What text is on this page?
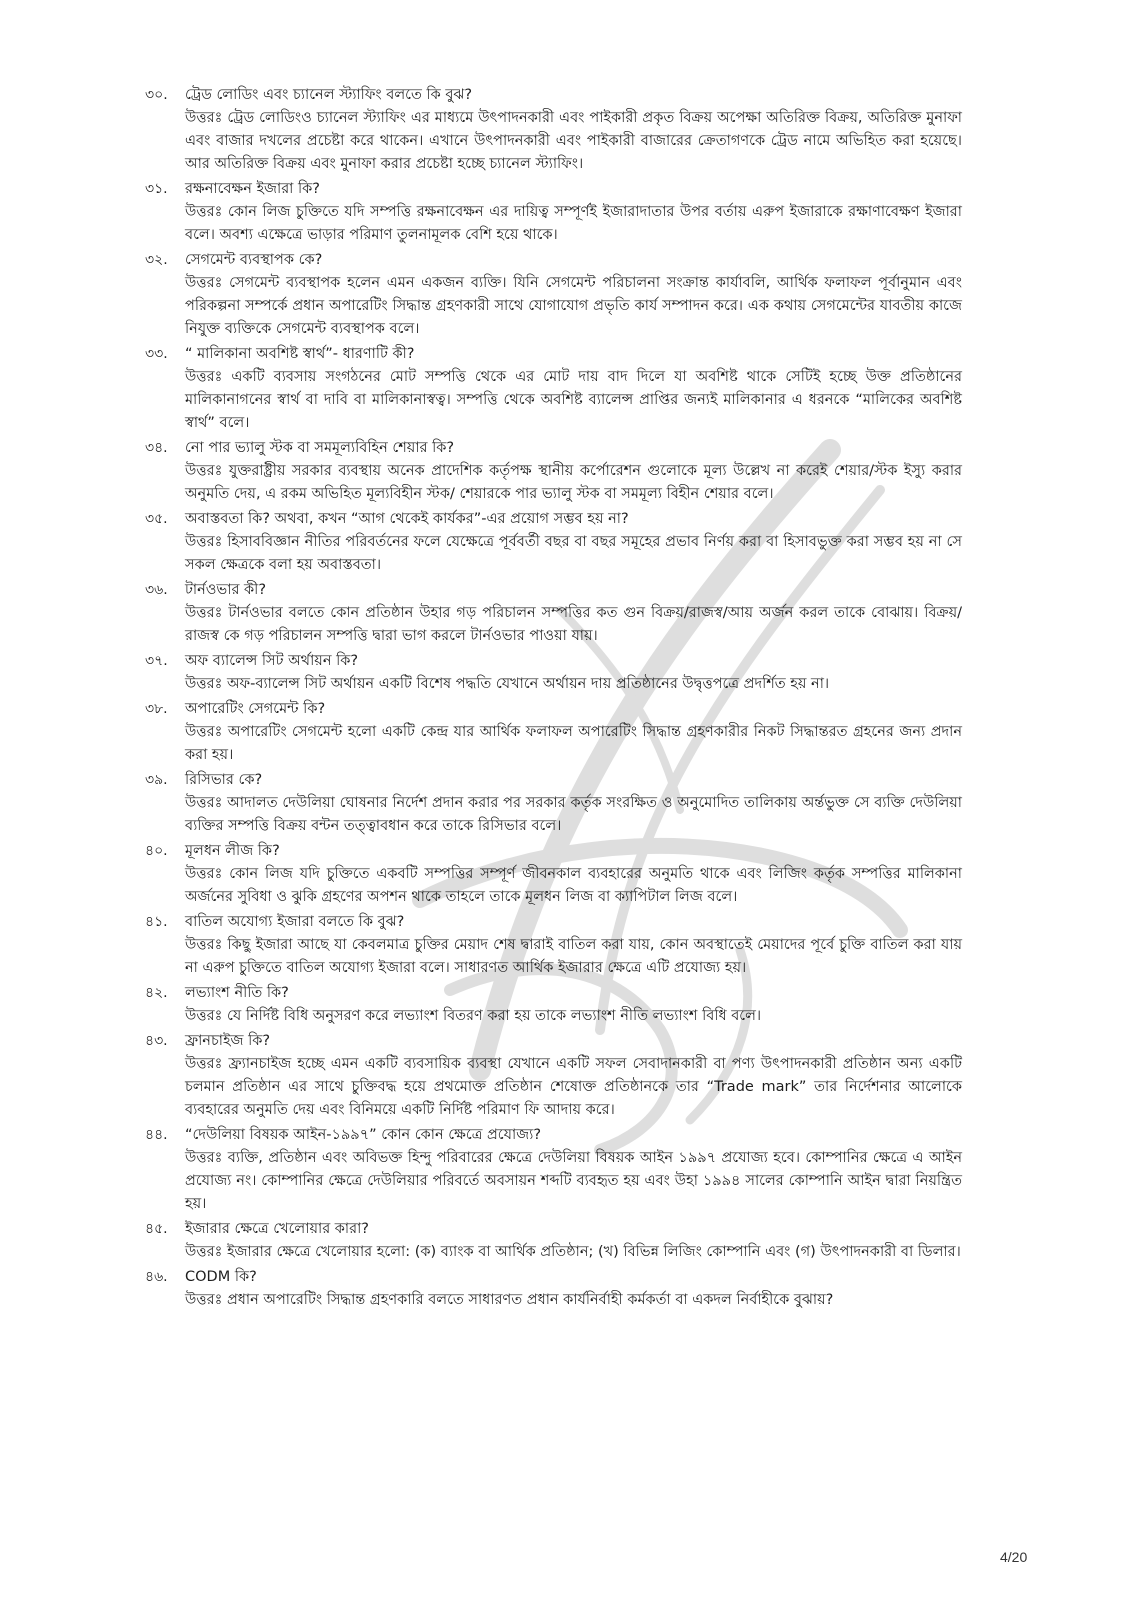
৩০. ট্রেড লোডিং এবং চ্যানেল স্ট্যাফিং বলতে কি বুঝ?
উত্তরঃ ট্রেড লোডিংও চ্যানেল স্ট্যাফিং এর মাধ্যমে উৎপাদনকারী এবং পাইকারী প্রকৃত বিক্রয় অপেক্ষা অতিরিক্ত বিক্রয়, অতিরিক্ত মুনাফা এবং বাজার দখলের প্রচেষ্টা করে থাকেন। এখানে উৎপাদনকারী এবং পাইকারী বাজারের ক্রেতাগণকে ট্রেড নামে অভিহিত করা হয়েছে। আর অতিরিক্ত বিক্রয় এবং মুনাফা করার প্রচেষ্টা হচ্ছে চ্যানেল স্ট্যাফিং।
৩১. রক্ষনাবেক্ষন ইজারা কি?
উত্তরঃ কোন লিজ চুক্তিতে যদি সম্পত্তি রক্ষনাবেক্ষন এর দায়িত্ব সম্পূর্ণই ইজারাদাতার উপর বর্তায় এরুপ ইজারাকে রক্ষাণাবেক্ষণ ইজারা বলে। অবশ্য এক্ষেত্রে ভাড়ার পরিমাণ তুলনামূলক বেশি হয়ে থাকে।
৩২. সেগমেন্ট ব্যবস্থাপক কে?
উত্তরঃ সেগমেন্ট ব্যবস্থাপক হলেন এমন একজন ব্যক্তি। যিনি সেগমেন্ট পরিচালনা সংক্রান্ত কার্যাবলি, আর্থিক ফলাফল পূর্বানুমান এবং পরিকল্পনা সম্পর্কে প্রধান অপারেটিং সিদ্ধান্ত গ্রহণকারী সাথে যোগাযোগ প্রভৃতি কার্য সম্পাদন করে। এক কথায় সেগমেন্টের যাবতীয় কাজে নিযুক্ত ব্যক্তিকে সেগমেন্ট ব্যবস্থাপক বলে।
৩৩. “ মালিকানা অবশিষ্ট স্বার্থ”- ধারণাটি কী?
উত্তরঃ একটি ব্যবসায় সংগঠনের মোট সম্পত্তি থেকে এর মোট দায় বাদ দিলে যা অবশিষ্ট থাকে সেটিই হচ্ছে উক্ত প্রতিষ্ঠানের মালিকানাগনের স্বার্থ বা দাবি বা মালিকানাস্বত্ব। সম্পত্তি থেকে অবশিষ্ট ব্যালেন্স প্রাপ্তির জন্যই মালিকানার এ ধরনকে “মালিকের অবশিষ্ট স্বার্থ” বলে।
৩৪. নো পার ভ্যালু স্টক বা সমমূল্যবিহিন শেয়ার কি?
উত্তরঃ যুক্তরাষ্ট্রীয় সরকার ব্যবস্থায় অনেক প্রাদেশিক কর্তৃপক্ষ স্থানীয় কর্পোরেশন গুলোকে মূল্য উল্লেখ না করেই শেয়ার/স্টক ইস্যু করার অনুমতি দেয়, এ রকম অভিহিত মূল্যবিহীন স্টক/ শেয়ারকে পার ভ্যালু স্টক বা সমমূল্য বিহীন শেয়ার বলে।
৩৫. অবাস্তবতা কি? অথবা, কখন “আগ থেকেই কার্যকর”-এর প্রয়োগ সম্ভব হয় না?
উত্তরঃ হিসাববিজ্ঞান নীতির পরিবর্তনের ফলে যেক্ষেত্রে পূর্ববর্তী বছর বা বছর সমূহের প্রভাব নির্ণয় করা বা হিসাবভুক্ত করা সম্ভব হয় না সে সকল ক্ষেত্রকে বলা হয় অবাস্তবতা।
৩৬. টার্নওভার কী?
উত্তরঃ টার্নওভার বলতে কোন প্রতিষ্ঠান উহার গড় পরিচালন সম্পত্তির কত গুন বিক্রয়/রাজস্ব/আয় অর্জন করল তাকে বোঝায়। বিক্রয়/রাজস্ব কে গড় পরিচালন সম্পত্তি দ্বারা ভাগ করলে টার্নওভার পাওয়া যায়।
৩৭. অফ ব্যালেন্স সিট অর্থায়ন কি?
উত্তরঃ অফ-ব্যালেন্স সিট অর্থায়ন একটি বিশেষ পদ্ধতি যেখানে অর্থায়ন দায় প্রতিষ্ঠানের উদ্বৃত্তপত্রে প্রদর্শিত হয় না।
৩৮. অপারেটিং সেগমেন্ট কি?
উত্তরঃ অপারেটিং সেগমেন্ট হলো একটি কেন্দ্র যার আর্থিক ফলাফল অপারেটিং সিদ্ধান্ত গ্রহণকারীর নিকট সিদ্ধান্তরত গ্রহনের জন্য প্রদান করা হয়।
৩৯. রিসিভার কে?
উত্তরঃ আদালত দেউলিয়া ঘোষনার নির্দেশ প্রদান করার পর সরকার কর্তৃক সংরক্ষিত ও অনুমোদিত তালিকায় অর্ন্তভুক্ত সে ব্যক্তি দেউলিয়া ব্যক্তির সম্পত্তি বিক্রয় বন্টন তত্ত্বাবধান করে তাকে রিসিভার বলে।
৪০. মূলধন লীজ কি?
উত্তরঃ কোন লিজ যদি চুক্তিতে একবটি সম্পত্তির সম্পূর্ণ জীবনকাল ব্যবহারের অনুমতি থাকে এবং লিজিং কর্তৃক সম্পত্তির মালিকানা অর্জনের সুবিধা ও ঝুকি গ্রহণের অপশন থাকে তাহলে তাকে মূলধন লিজ বা ক্যাপিটাল লিজ বলে।
৪১. বাতিল অযোগ্য ইজারা বলতে কি বুঝ?
উত্তরঃ কিছু ইজারা আছে যা কেবলমাত্র চুক্তির মেয়াদ শেষ দ্বারাই বাতিল করা যায়, কোন অবস্থাতেই মেয়াদের পূর্বে চুক্তি বাতিল করা যায় না এরুপ চুক্তিতে বাতিল অযোগ্য ইজারা বলে। সাধারণত আর্থিক ইজারার ক্ষেত্রে এটি প্রযোজ্য হয়।
৪২. লভ্যাংশ নীতি কি?
উত্তরঃ যে নির্দিষ্ট বিধি অনুসরণ করে লভ্যাংশ বিতরণ করা হয় তাকে লভ্যাংশ নীতি লভ্যাংশ বিধি বলে।
৪৩. ফ্রানচাইজ কি?
উত্তরঃ ফ্র্যানচাইজ হচ্ছে এমন একটি ব্যবসায়িক ব্যবস্থা যেখানে একটি সফল সেবাদানকারী বা পণ্য উৎপাদনকারী প্রতিষ্ঠান অন্য একটি চলমান প্রতিষ্ঠান এর সাথে চুক্তিবদ্ধ হয়ে প্রথমোক্ত প্রতিষ্ঠান শেষোক্ত প্রতিষ্ঠানকে তার “Trade mark” তার নির্দেশনার আলোকে ব্যবহারের অনুমতি দেয় এবং বিনিময়ে একটি নির্দিষ্ট পরিমাণ ফি আদায় করে।
৪৪. “দেউলিয়া বিষয়ক আইন-১৯৯৭” কোন কোন ক্ষেত্রে প্রযোজ্য?
উত্তরঃ ব্যক্তি, প্রতিষ্ঠান এবং অবিভক্ত হিন্দু পরিবারের ক্ষেত্রে দেউলিয়া বিষয়ক আইন ১৯৯৭ প্রযোজ্য হবে। কোম্পানির ক্ষেত্রে এ আইন প্রযোজ্য নং। কোম্পানির ক্ষেত্রে দেউলিয়ার পরিবর্তে অবসায়ন শব্দটি ব্যবহৃত হয় এবং উহা ১৯৯৪ সালের কোম্পানি আইন দ্বারা নিয়ন্ত্রিত হয়।
৪৫. ইজারার ক্ষেত্রে খেলোয়ার কারা?
উত্তরঃ ইজারার ক্ষেত্রে খেলোয়ার হলো: (ক) ব্যাংক বা আর্থিক প্রতিষ্ঠান; (খ) বিভিন্ন লিজিং কোম্পানি এবং (গ) উৎপাদনকারী বা ডিলার।
৪৬. CODM কি?
উত্তরঃ প্রধান অপারেটিং সিদ্ধান্ত গ্রহণকারি বলতে সাধারণত প্রধান কার্যনির্বাহী কর্মকর্তা বা একদল নির্বাহীকে বুঝায়?
4/20
